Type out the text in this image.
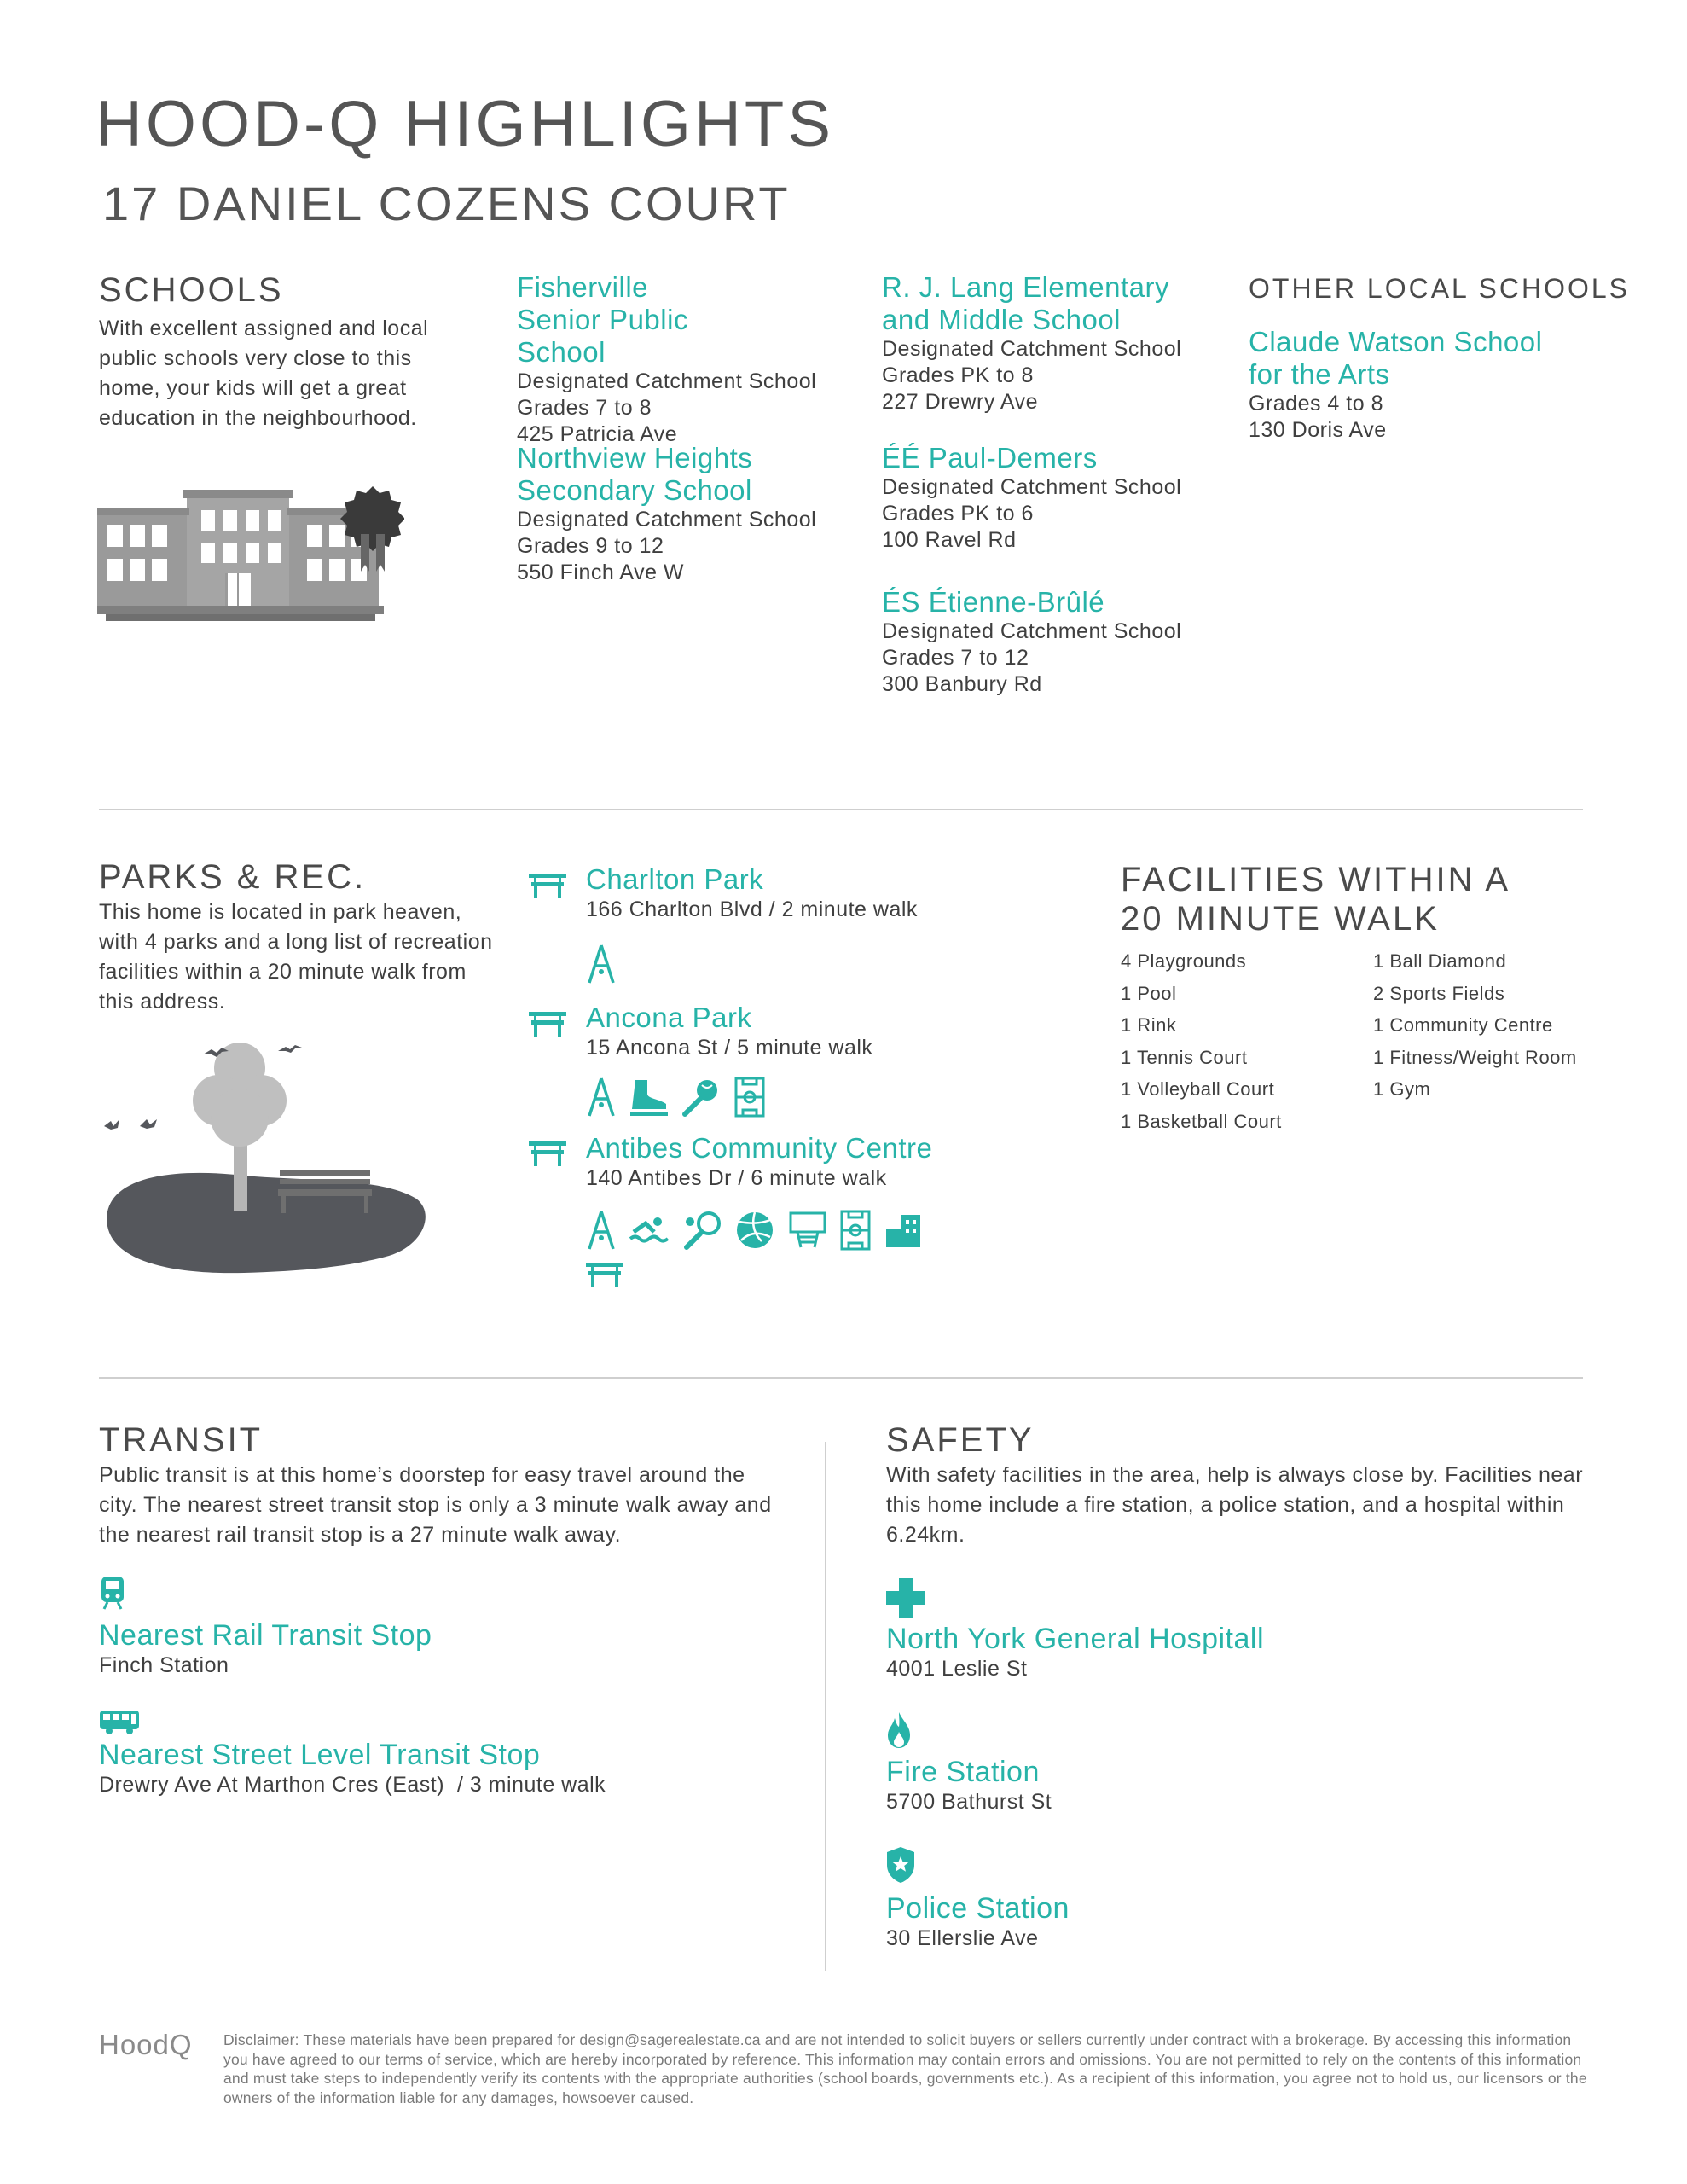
HOOD-Q HIGHLIGHTS
17 DANIEL COZENS COURT
SCHOOLS
With excellent assigned and local public schools very close to this home, your kids will get a great education in the neighbourhood.
Fisherville Senior Public School
Designated Catchment School
Grades 7 to 8
425 Patricia Ave
Northview Heights Secondary School
Designated Catchment School
Grades 9 to 12
550 Finch Ave W
R. J. Lang Elementary and Middle School
Designated Catchment School
Grades PK to 8
227 Drewry Ave
ÉÉ Paul-Demers
Designated Catchment School
Grades PK to 6
100 Ravel Rd
ÉS Étienne-Brûlé
Designated Catchment School
Grades 7 to 12
300 Banbury Rd
OTHER LOCAL SCHOOLS
Claude Watson School for the Arts
Grades 4 to 8
130 Doris Ave
PARKS & REC.
This home is located in park heaven, with 4 parks and a long list of recreation facilities within a 20 minute walk from this address.
Charlton Park
166 Charlton Blvd / 2 minute walk
Ancona Park
15 Ancona St / 5 minute walk
Antibes Community Centre
140 Antibes Dr / 6 minute walk
FACILITIES WITHIN A
20 MINUTE WALK
4 Playgrounds
1 Pool
1 Rink
1 Tennis Court
1 Volleyball Court
1 Basketball Court
1 Ball Diamond
2 Sports Fields
1 Community Centre
1 Fitness/Weight Room
1 Gym
TRANSIT
Public transit is at this home’s doorstep for easy travel around the city. The nearest street transit stop is only a 3 minute walk away and the nearest rail transit stop is a 27 minute walk away.
Nearest Rail Transit Stop
Finch Station
Nearest Street Level Transit Stop
Drewry Ave At Marthon Cres (East)  / 3 minute walk
SAFETY
With safety facilities in the area, help is always close by. Facilities near this home include a fire station, a police station, and a hospital within 6.24km.
North York General Hospitall
4001 Leslie St
Fire Station
5700 Bathurst St
Police Station
30 Ellerslie Ave
HoodQ Disclaimer: These materials have been prepared for design@sagerealestate.ca and are not intended to solicit buyers or sellers currently under contract with a brokerage. By accessing this information you have agreed to our terms of service, which are hereby incorporated by reference. This information may contain errors and omissions. You are not permitted to rely on the contents of this information and must take steps to independently verify its contents with the appropriate authorities (school boards, governments etc.). As a recipient of this information, you agree not to hold us, our licensors or the owners of the information liable for any damages, howsoever caused.
